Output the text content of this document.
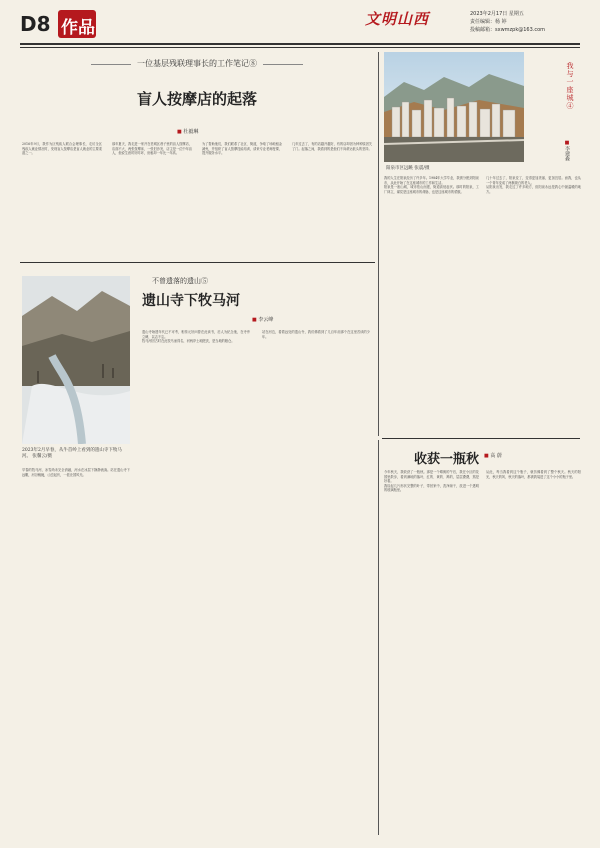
D8 作品	文明山西	2023年2月17日 星期五
责任编辑：杨 婷
投稿邮箱：sxwmzpk@163.com
一位基层残联理事长的工作笔记⑧
盲人按摩店的起落
■ 杜毅琳

2016年9月，我作为区残疾人联合会理事长，走访全区残疾人就业情况时，发现盲人按摩店是盲人就业的主要渠道之一。

那年夏天，我走进一家开在老城区巷子里的盲人按摩店，店面不大，两张按摩床，一张旧沙发，店主是一位中年盲人，他说生意时好时坏，房租却一年比一年高。

为了帮助他们，我们联系了社区、街道，争取了场地租金减免，并组织了盲人按摩技能培训，请来专业老师授课，提升服务水平。

几年过去了，有的店越开越好，有的店却因为种种原因关了门。起落之间，我看到的是他们不向命运低头的坚持。

阳泉市区远眺 张震/摄
我与一座城④
■李建森

我的人生在阳泉经历了许多年。1984年大学毕业，我被分配到阳泉市，从此开始了在这座城市的工作和生活。

阳泉是一座山城，城市依山而建，街道高低起伏。那时的阳泉，工厂林立，煤炭是这座城市的命脉，也是这座城市的骄傲。

几十年过去了，阳泉变了，变得更加美丽，更加宜居。而我，也从一个青年变成了两鬓斑白的老人。

从阳泉出发，我走过了许多地方，但阳泉永远是我心中最温暖的地方。

不曾遗落的遗山⑤
遗山寺下牧马河
■ 李云峰
2023年2月早春，从牛首岭上看到的遗山寺下牧马河。 张馨云/摄

早春的牧马河，冰雪尚未完全消融，河水在冰层下静静流淌。站在遗山寺下远眺，河谷蜿蜒，山峦起伏，一派北国风光。

遗山寺始建年代已不可考，相传元好问曾在此读书，后人为纪念他，在寺旁立碑，以志不忘。

牧马河因古时在此牧马而得名，河两岸土地肥沃，是当地的粮仓。

站在河边，看着远处的遗山寺，我仿佛看到了几百年前那个在这里苦读的少年。

收获一瓶秋 ■ 高 蔚

今年秋天，我收获了一瓶秋。那是一个晴朗的午后，我在小区的花园里散步，看到满地的落叶，红的、黄的、褐的，层层叠叠，煞是好看。

我捡起几片形状完整的叶子，带回家中，洗净晾干，放进一个透明的玻璃瓶里。

从此，每当我看到这个瓶子，就仿佛看到了整个秋天。秋天的阳光，秋天的风，秋天的落叶，都被我装进了这个小小的瓶子里。
